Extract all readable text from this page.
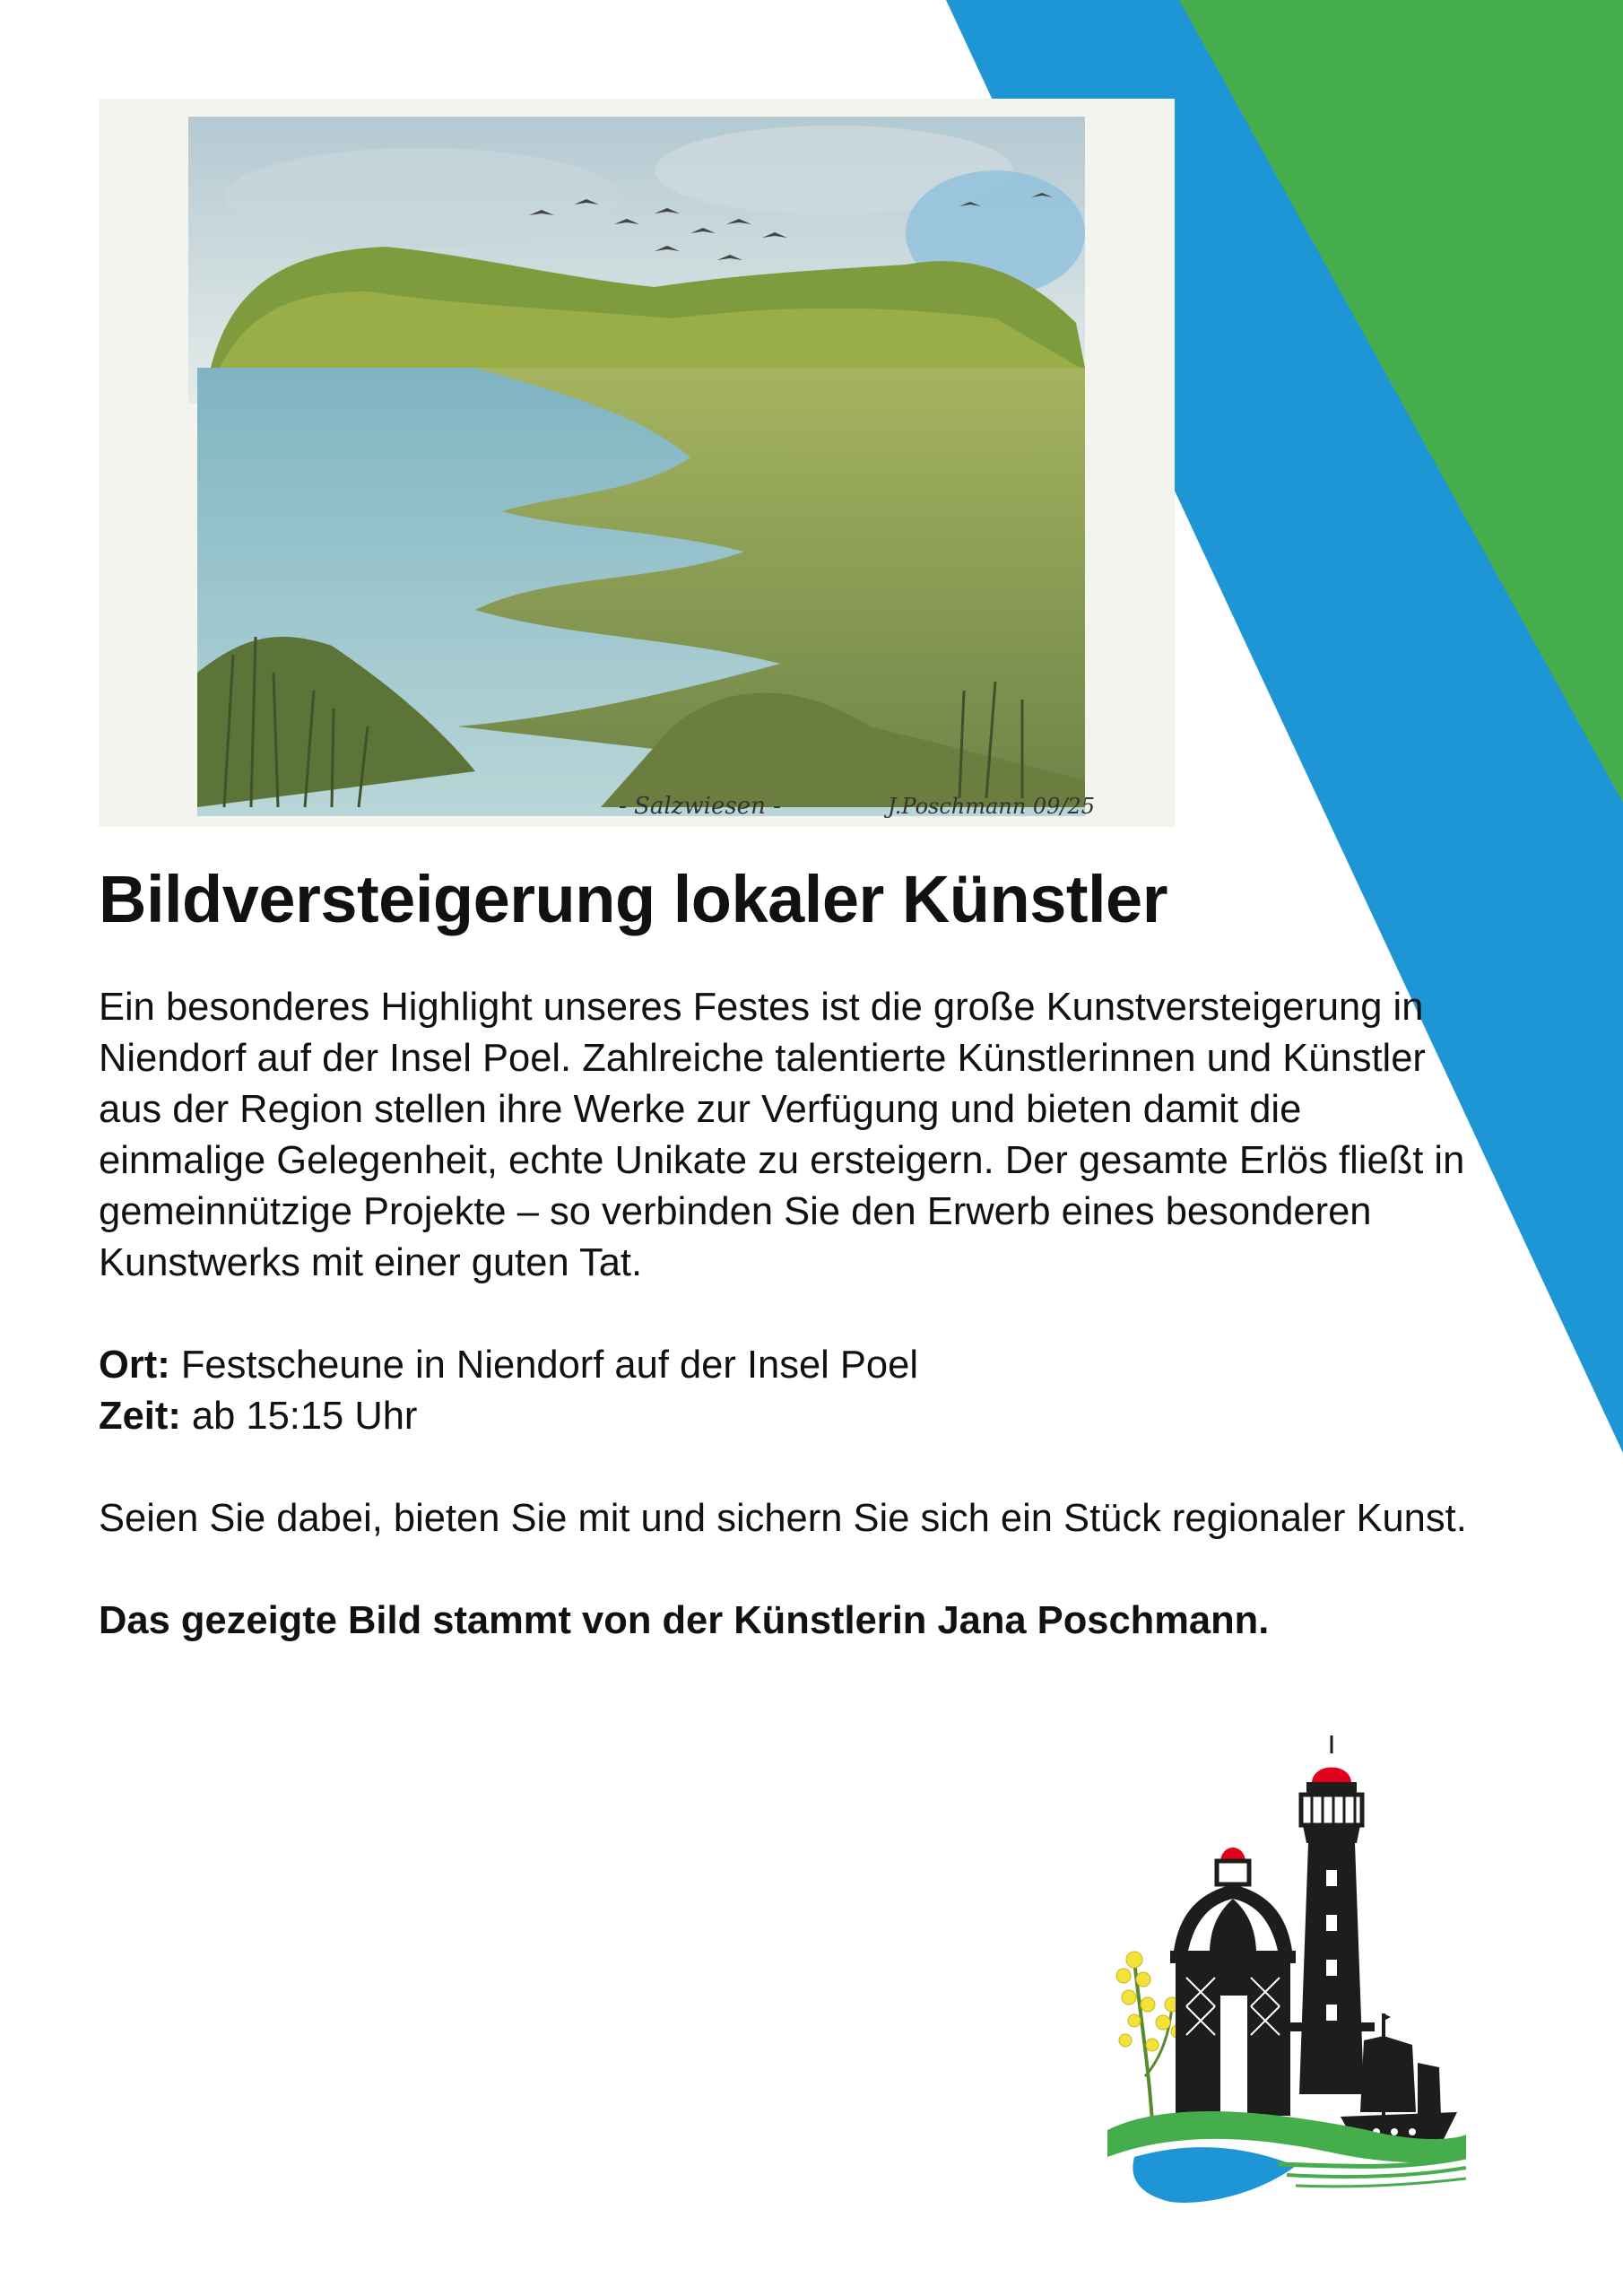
- Salzwiesen -	J.Poschmann 09/25
Bildversteigerung lokaler Künstler

Ein besonderes Highlight unseres Festes ist die große Kunstversteigerung in Niendorf auf der Insel Poel. Zahlreiche talentierte Künstlerinnen und Künstler aus der Region stellen ihre Werke zur Verfügung und bieten damit die einmalige Gelegenheit, echte Unikate zu ersteigern. Der gesamte Erlös fließt in gemeinnützige Projekte – so verbinden Sie den Erwerb eines besonderen Kunstwerks mit einer guten Tat.

Ort: Festscheune in Niendorf auf der Insel Poel

Zeit: ab 15:15 Uhr

Seien Sie dabei, bieten Sie mit und sichern Sie sich ein Stück regionaler Kunst.

Das gezeigte Bild stammt von der Künstlerin Jana Poschmann.
